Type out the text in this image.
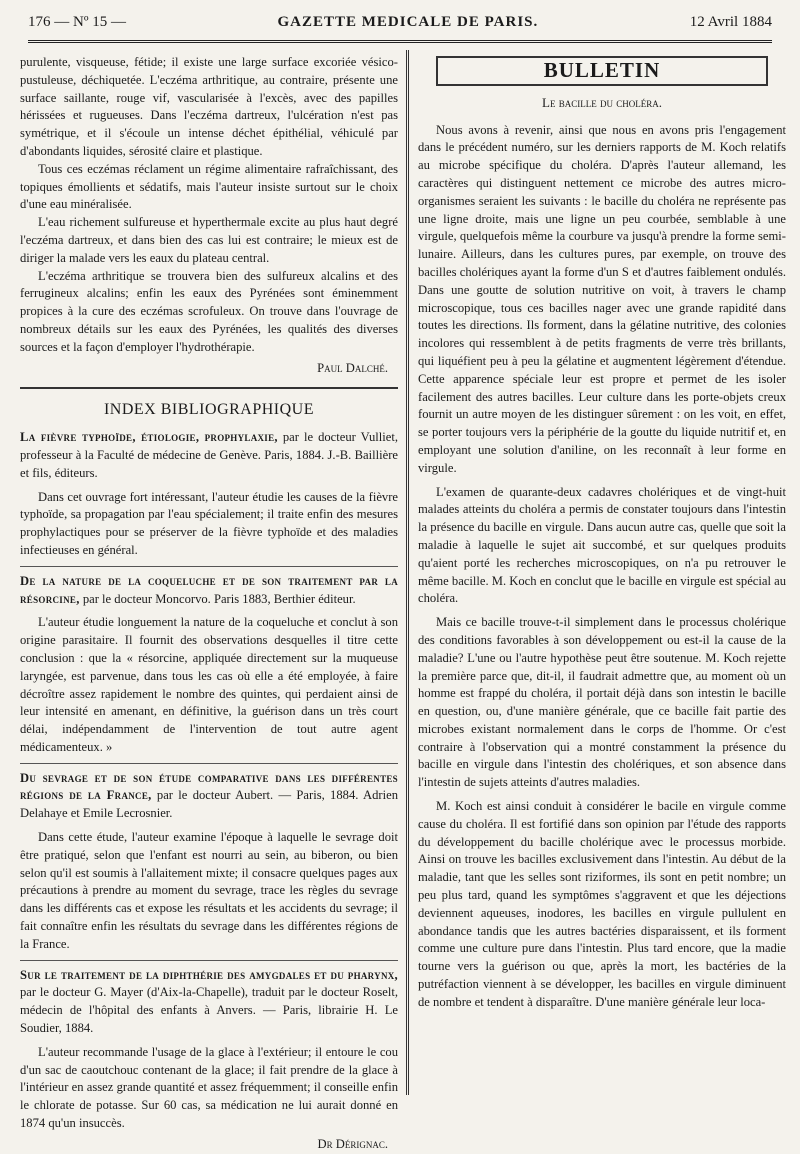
176 — Nº 15 —	GAZETTE MEDICALE DE PARIS.	12 Avril 1884

purulente, visqueuse, fétide; il existe une large surface excoriée vésico-pustuleuse, déchiquetée. L'eczéma arthritique, au contraire, présente une surface saillante, rouge vif, vascularisée à l'excès, avec des papilles hérissées et rugueuses. Dans l'eczéma dartreux, l'ulcération n'est pas symétrique, et il s'écoule un intense déchet épithélial, véhiculé par d'abondants liquides, sérosité claire et plastique.

Tous ces eczémas réclament un régime alimentaire rafraîchissant, des topiques émollients et sédatifs, mais l'auteur insiste surtout sur le choix d'une eau minéralisée.

L'eau richement sulfureuse et hyperthermale excite au plus haut degré l'eczéma dartreux, et dans bien des cas lui est contraire; le mieux est de diriger la malade vers les eaux du plateau central.

L'eczéma arthritique se trouvera bien des sulfureux alcalins et des ferrugineux alcalins; enfin les eaux des Pyrénées sont éminemment propices à la cure des eczémas scrofuleux. On trouve dans l'ouvrage de nombreux détails sur les eaux des Pyrénées, les qualités des diverses sources et la façon d'employer l'hydrothérapie.

Paul Dalché.

INDEX BIBLIOGRAPHIQUE

La fièvre typhoïde, étiologie, prophylaxie, par le docteur Vulliet, professeur à la Faculté de médecine de Genève. Paris, 1884. J.-B. Baillière et fils, éditeurs.

Dans cet ouvrage fort intéressant, l'auteur étudie les causes de la fièvre typhoïde, sa propagation par l'eau spécialement; il traite enfin des mesures prophylactiques pour se préserver de la fièvre typhoïde et des maladies infectieuses en général.

De la nature de la coqueluche et de son traitement par la résorcine, par le docteur Moncorvo. Paris 1883, Berthier éditeur.

L'auteur étudie longuement la nature de la coqueluche et conclut à son origine parasitaire. Il fournit des observations desquelles il titre cette conclusion : que la « résorcine, appliquée directement sur la muqueuse laryngée, est parvenue, dans tous les cas où elle a été employée, à faire décroître assez rapidement le nombre des quintes, qui perdaient ainsi de leur intensité en amenant, en définitive, la guérison dans un très court délai, indépendamment de l'intervention de tout autre agent médicamenteux. »

Du sevrage et de son étude comparative dans les différentes régions de la France, par le docteur Aubert. — Paris, 1884. Adrien Delahaye et Emile Lecrosnier.

Dans cette étude, l'auteur examine l'époque à laquelle le sevrage doit être pratiqué, selon que l'enfant est nourri au sein, au biberon, ou bien selon qu'il est soumis à l'allaitement mixte; il consacre quelques pages aux précautions à prendre au moment du sevrage, trace les règles du sevrage dans les différents cas et expose les résultats et les accidents du sevrage; il fait connaître enfin les résultats du sevrage dans les différentes régions de la France.

Sur le traitement de la diphthérie des amygdales et du pharynx, par le docteur G. Mayer (d'Aix-la-Chapelle), traduit par le docteur Roselt, médecin de l'hôpital des enfants à Anvers. — Paris, librairie H. Le Soudier, 1884.

L'auteur recommande l'usage de la glace à l'extérieur; il entoure le cou d'un sac de caoutchouc contenant de la glace; il fait prendre de la glace à l'intérieur en assez grande quantité et assez fréquemment; il conseille enfin le chlorate de potasse. Sur 60 cas, sa médication ne lui aurait donné en 1874 qu'un insuccès.

Dr Dérignac.

BULLETIN
Le bacille du choléra.

Nous avons à revenir, ainsi que nous en avons pris l'engagement dans le précédent numéro, sur les derniers rapports de M. Koch relatifs au microbe spécifique du choléra. D'après l'auteur allemand, les caractères qui distinguent nettement ce microbe des autres micro-organismes seraient les suivants : le bacille du choléra ne représente pas une ligne droite, mais une ligne un peu courbée, semblable à une virgule, quelquefois même la courbure va jusqu'à prendre la forme semi-lunaire. Ailleurs, dans les cultures pures, par exemple, on trouve des bacilles cholériques ayant la forme d'un S et d'autres faiblement ondulés. Dans une goutte de solution nutritive on voit, à travers le champ microscopique, tous ces bacilles nager avec une grande rapidité dans toutes les directions. Ils forment, dans la gélatine nutritive, des colonies incolores qui ressemblent à de petits fragments de verre très brillants, qui liquéfient peu à peu la gélatine et augmentent légèrement d'étendue. Cette apparence spéciale leur est propre et permet de les isoler facilement des autres bacilles. Leur culture dans les porte-objets creux fournit un autre moyen de les distinguer sûrement : on les voit, en effet, se porter toujours vers la périphérie de la goutte du liquide nutritif et, en employant une solution d'aniline, on les reconnaît à leur forme en virgule.

L'examen de quarante-deux cadavres cholériques et de vingt-huit malades atteints du choléra a permis de constater toujours dans l'intestin la présence du bacille en virgule. Dans aucun autre cas, quelle que soit la maladie à laquelle le sujet ait succombé, et sur quelques produits qu'aient porté les recherches microscopiques, on n'a pu retrouver le même bacille. M. Koch en conclut que le bacille en virgule est spécial au choléra.

Mais ce bacille trouve-t-il simplement dans le processus cholérique des conditions favorables à son développement ou est-il la cause de la maladie? L'une ou l'autre hypothèse peut être soutenue. M. Koch rejette la première parce que, dit-il, il faudrait admettre que, au moment où un homme est frappé du choléra, il portait déjà dans son intestin le bacille en question, ou, d'une manière générale, que ce bacille fait partie des microbes existant normalement dans le corps de l'homme. Or c'est contraire à l'observation qui a montré constamment la présence du bacille en virgule dans l'intestin des cholériques, et son absence dans l'intestin de sujets atteints d'autres maladies.

M. Koch est ainsi conduit à considérer le bacile en virgule comme cause du choléra. Il est fortifié dans son opinion par l'étude des rapports du développement du bacille cholérique avec le processus morbide. Ainsi on trouve les bacilles exclusivement dans l'intestin. Au début de la maladie, tant que les selles sont riziformes, ils sont en petit nombre; un peu plus tard, quand les symptômes s'aggravent et que les déjections deviennent aqueuses, inodores, les bacilles en virgule pullulent en abondance tandis que les autres bactéries disparaissent, et ils forment comme une culture pure dans l'intestin. Plus tard encore, que la madie tourne vers la guérison ou que, après la mort, les bactéries de la putréfaction viennent à se développer, les bacilles en virgule diminuent de nombre et tendent à disparaître. D'une manière générale leur loca-
